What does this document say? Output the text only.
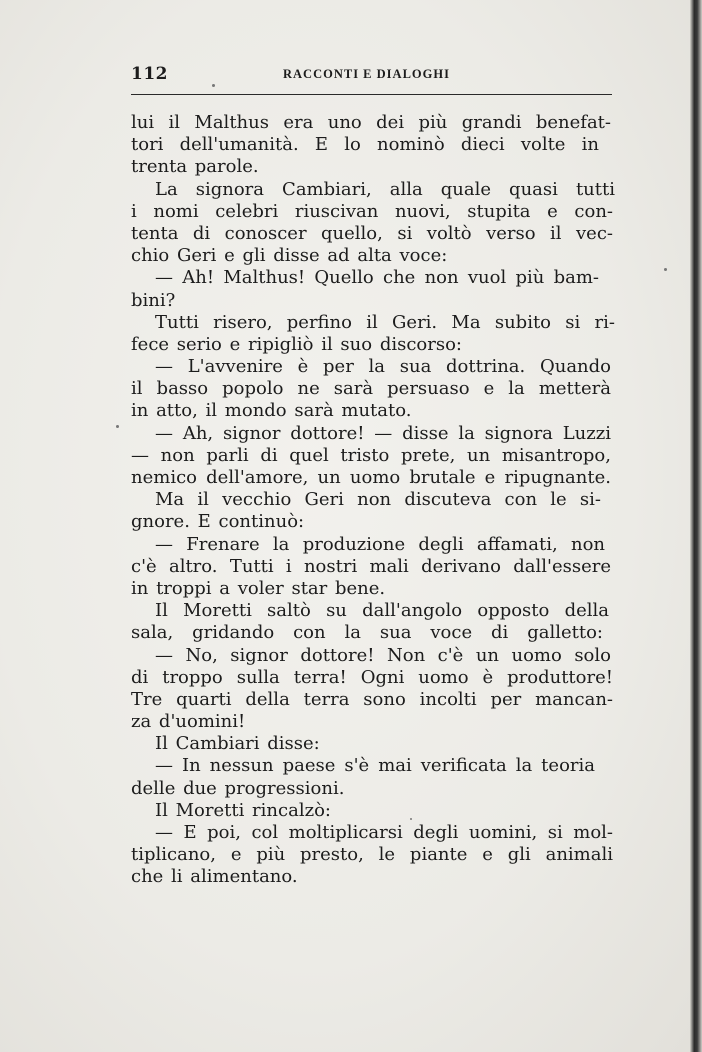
112	RACCONTI E DIALOGHI
lui il Malthus era uno dei più grandi benefat-
tori dell'umanità. E lo nominò dieci volte in
trenta parole.
La signora Cambiari, alla quale quasi tutti
i nomi celebri riuscivan nuovi, stupita e con-
tenta di conoscer quello, si voltò verso il vec-
chio Geri e gli disse ad alta voce:
— Ah! Malthus! Quello che non vuol più bam-
bini?
Tutti risero, perfino il Geri. Ma subito si ri-
fece serio e ripigliò il suo discorso:
— L'avvenire è per la sua dottrina. Quando
il basso popolo ne sarà persuaso e la metterà
in atto, il mondo sarà mutato.
— Ah, signor dottore! — disse la signora Luzzi
— non parli di quel tristo prete, un misantropo,
nemico dell'amore, un uomo brutale e ripugnante.
Ma il vecchio Geri non discuteva con le si-
gnore. E continuò:
— Frenare la produzione degli affamati, non
c'è altro. Tutti i nostri mali derivano dall'essere
in troppi a voler star bene.
Il Moretti saltò su dall'angolo opposto della
sala, gridando con la sua voce di galletto:
— No, signor dottore! Non c'è un uomo solo
di troppo sulla terra! Ogni uomo è produttore!
Tre quarti della terra sono incolti per mancan-
za d'uomini!
Il Cambiari disse:
— In nessun paese s'è mai verificata la teoria
delle due progressioni.
Il Moretti rincalzò:
— E poi, col moltiplicarsi degli uomini, si mol-
tiplicano, e più presto, le piante e gli animali
che li alimentano.
